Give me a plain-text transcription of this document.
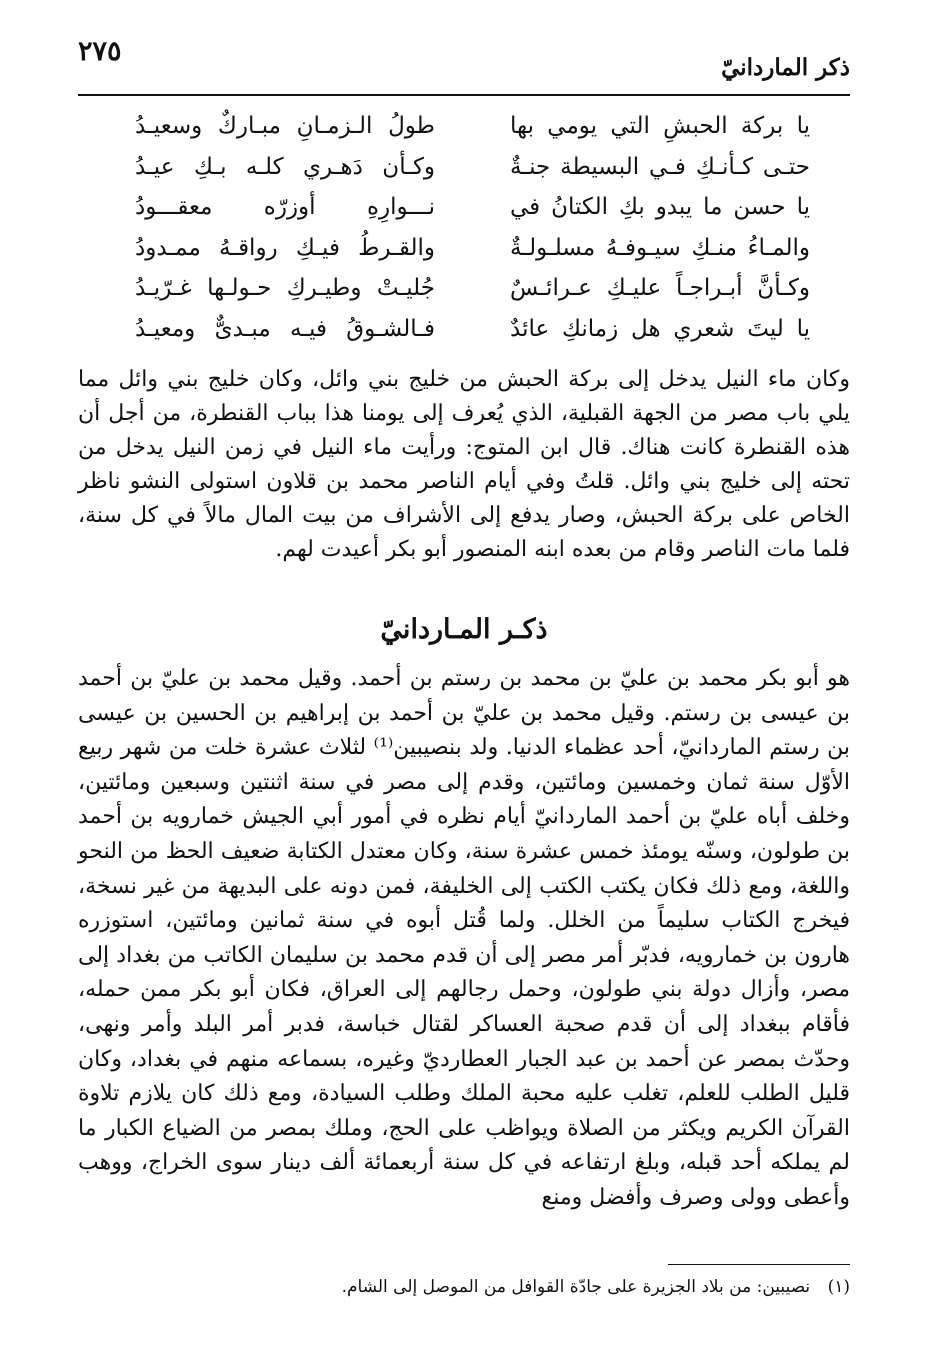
٢٧٥
ذكر الماردانيّ
يا بركة الحبشِ التي يومي بها
طولُ الـزمـانِ مبـاركٌ وسعيـدُ
حتـى كـأنـكِ فـي البسيطة جنـةٌ
وكـأن دَهـري كلـه بـكِ عيـدُ
يا حسن ما يبدو بكِ الكتانُ في
نـــوارِهِ أوزرّه معقـــودُ
والمـاءُ منـكِ سيـوفـهُ مسلـولـةٌ
والقـرطُ فيـكِ رواقـهُ ممـدودُ
وكـأنَّ أبـراجـاً عليـكِ عـرائـسٌ
جُليـتْ وطيـركِ حـولـها غـرّيـدُ
يا ليتَ شعري هل زمانكِ عائدٌ
فـالشـوقُ فيـه مبـدىٌّ ومعيـدُ

وكان ماء النيل يدخل إلى بركة الحبش من خليج بني وائل، وكان خليج بني وائل مما يلي باب مصر من الجهة القبلية، الذي يُعرف إلى يومنا هذا بباب القنطرة، من أجل أن هذه القنطرة كانت هناك. قال ابن المتوج: ورأيت ماء النيل في زمن النيل يدخل من تحته إلى خليج بني وائل. قلتُ وفي أيام الناصر محمد بن قلاون استولى النشو ناظر الخاص على بركة الحبش، وصار يدفع إلى الأشراف من بيت المال مالاً في كل سنة، فلما مات الناصر وقام من بعده ابنه المنصور أبو بكر أعيدت لهم.

ذكـر المـاردانيّ

هو أبو بكر محمد بن عليّ بن محمد بن رستم بن أحمد. وقيل محمد بن عليّ بن أحمد بن عيسى بن رستم. وقيل محمد بن عليّ بن أحمد بن إبراهيم بن الحسين بن عيسى بن رستم الماردانيّ، أحد عظماء الدنيا. ولد بنصيبين⁽¹⁾ لثلاث عشرة خلت من شهر ربيع الأوّل سنة ثمان وخمسين ومائتين، وقدم إلى مصر في سنة اثنتين وسبعين ومائتين، وخلف أباه عليّ بن أحمد الماردانيّ أيام نظره في أمور أبي الجيش خمارويه بن أحمد بن طولون، وسنّه يومئذ خمس عشرة سنة، وكان معتدل الكتابة ضعيف الحظ من النحو واللغة، ومع ذلك فكان يكتب الكتب إلى الخليفة، فمن دونه على البديهة من غير نسخة، فيخرج الكتاب سليماً من الخلل. ولما قُتل أبوه في سنة ثمانين ومائتين، استوزره هارون بن خمارويه، فدبّر أمر مصر إلى أن قدم محمد بن سليمان الكاتب من بغداد إلى مصر، وأزال دولة بني طولون، وحمل رجالهم إلى العراق، فكان أبو بكر ممن حمله، فأقام ببغداد إلى أن قدم صحبة العساكر لقتال خباسة، فدبر أمر البلد وأمر ونهى، وحدّث بمصر عن أحمد بن عبد الجبار العطارديّ وغيره، بسماعه منهم في بغداد، وكان قليل الطلب للعلم، تغلب عليه محبة الملك وطلب السيادة، ومع ذلك كان يلازم تلاوة القرآن الكريم ويكثر من الصلاة ويواظب على الحج، وملك بمصر من الضياع الكبار ما لم يملكه أحد قبله، وبلغ ارتفاعه في كل سنة أربعمائة ألف دينار سوى الخراج، ووهب وأعطى وولى وصرف وأفضل ومنع

(١) نصيبين: من بلاد الجزيرة على جادّة القوافل من الموصل إلى الشام.
